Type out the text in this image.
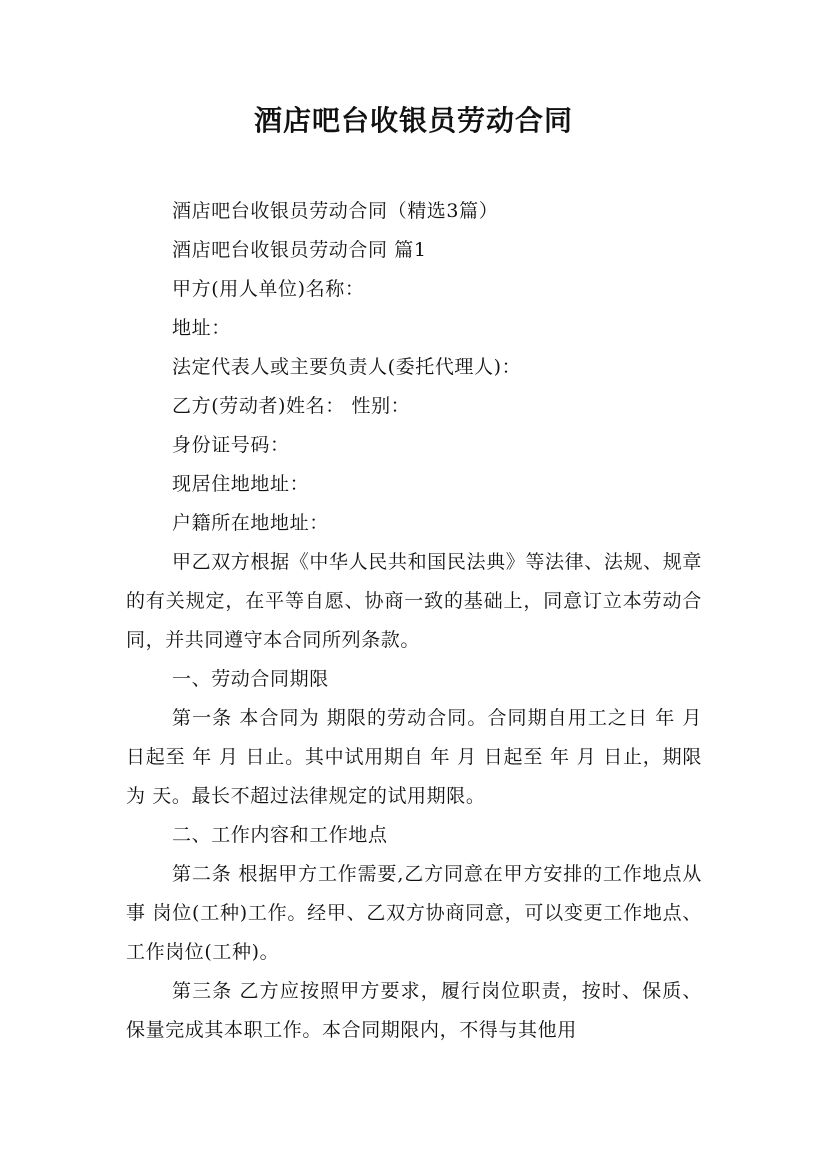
酒店吧台收银员劳动合同

酒店吧台收银员劳动合同（精选3篇）

酒店吧台收银员劳动合同 篇1

甲方(用人单位)名称：

地址：

法定代表人或主要负责人(委托代理人)：

乙方(劳动者)姓名： 性别：

身份证号码：

现居住地地址：

户籍所在地地址：

甲乙双方根据《中华人民共和国民法典》等法律、法规、规章的有关规定，在平等自愿、协商一致的基础上，同意订立本劳动合同，并共同遵守本合同所列条款。

一、劳动合同期限

第一条 本合同为 期限的劳动合同。合同期自用工之日 年 月 日起至 年 月 日止。其中试用期自 年 月 日起至 年 月 日止，期限为 天。最长不超过法律规定的试用期限。

二、工作内容和工作地点

第二条 根据甲方工作需要,乙方同意在甲方安排的工作地点从事 岗位(工种)工作。经甲、乙双方协商同意，可以变更工作地点、工作岗位(工种)。

第三条 乙方应按照甲方要求，履行岗位职责，按时、保质、保量完成其本职工作。本合同期限内，不得与其他用
